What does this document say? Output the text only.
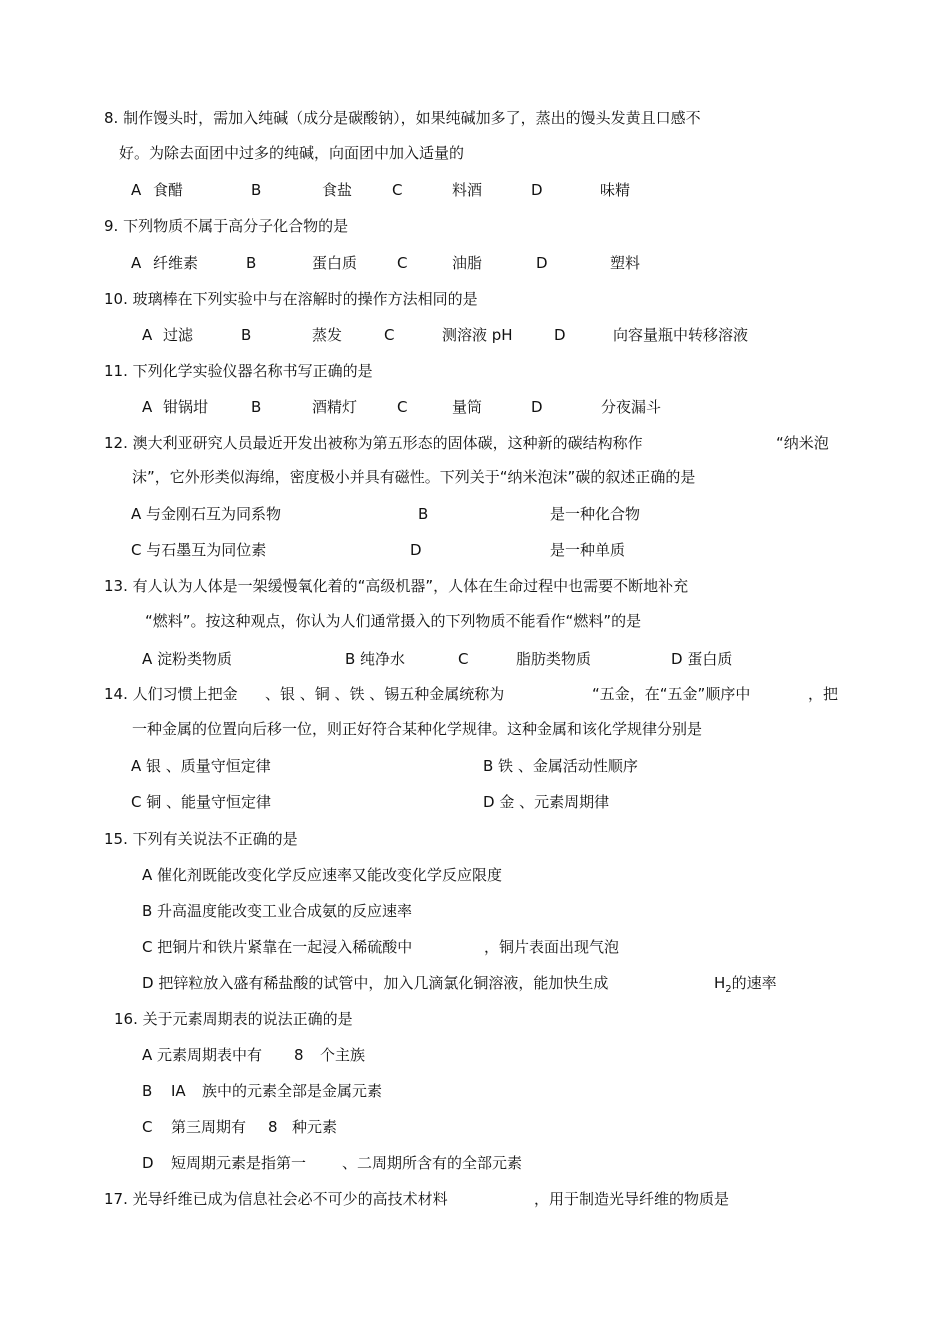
8. 制作馒头时，需加入纯碱（成分是碳酸钠），如果纯碱加多了，蒸出的馒头发黄且口感不
好。为除去面团中过多的纯碱，向面团中加入适量的
A 食醋	B	食盐	C	料酒	D	味精
9. 下列物质不属于高分子化合物的是
A 纤维素	B	蛋白质	C	油脂	D	塑料
10. 玻璃棒在下列实验中与在溶解时的操作方法相同的是
A 过滤	B	蒸发	C	测溶液 pH	D	向容量瓶中转移溶液
11. 下列化学实验仪器名称书写正确的是
A 钳锅坩	B	酒精灯	C	量筒	D	分夜漏斗
12. 澳大利亚研究人员最近开发出被称为第五形态的固体碳，这种新的碳结构称作	“纳米泡
沫”，它外形类似海绵，密度极小并具有磁性。下列关于“纳米泡沫”碳的叙述正确的是
A 与金刚石互为同系物	B	是一种化合物
C 与石墨互为同位素	D	是一种单质
13. 有人认为人体是一架缓慢氧化着的“高级机器”，人体在生命过程中也需要不断地补充
“燃料”。按这种观点，你认为人们通常摄入的下列物质不能看作“燃料”的是
A 淀粉类物质	B 纯净水	C	脂肪类物质	D 蛋白质
14. 人们习惯上把金 、银 、铜 、铁 、锡五种金属统称为	“五金，在“五金”顺序中	，把
一种金属的位置向后移一位，则正好符合某种化学规律。这种金属和该化学规律分别是
A 银 、质量守恒定律	B 铁 、金属活动性顺序
C 铜 、能量守恒定律	D 金 、元素周期律
15. 下列有关说法不正确的是
A 催化剂既能改变化学反应速率又能改变化学反应限度
B 升高温度能改变工业合成氨的反应速率
C 把铜片和铁片紧靠在一起浸入稀硫酸中	，铜片表面出现气泡
D 把锌粒放入盛有稀盐酸的试管中，加入几滴氯化铜溶液，能加快生成	$H_2$的速率
16. 关于元素周期表的说法正确的是
A 元素周期表中有 8 个主族
B IA 族中的元素全部是金属元素
C 第三周期有 8 种元素
D 短周期元素是指第一 、二周期所含有的全部元素
17. 光导纤维已成为信息社会必不可少的高技术材料	，用于制造光导纤维的物质是
